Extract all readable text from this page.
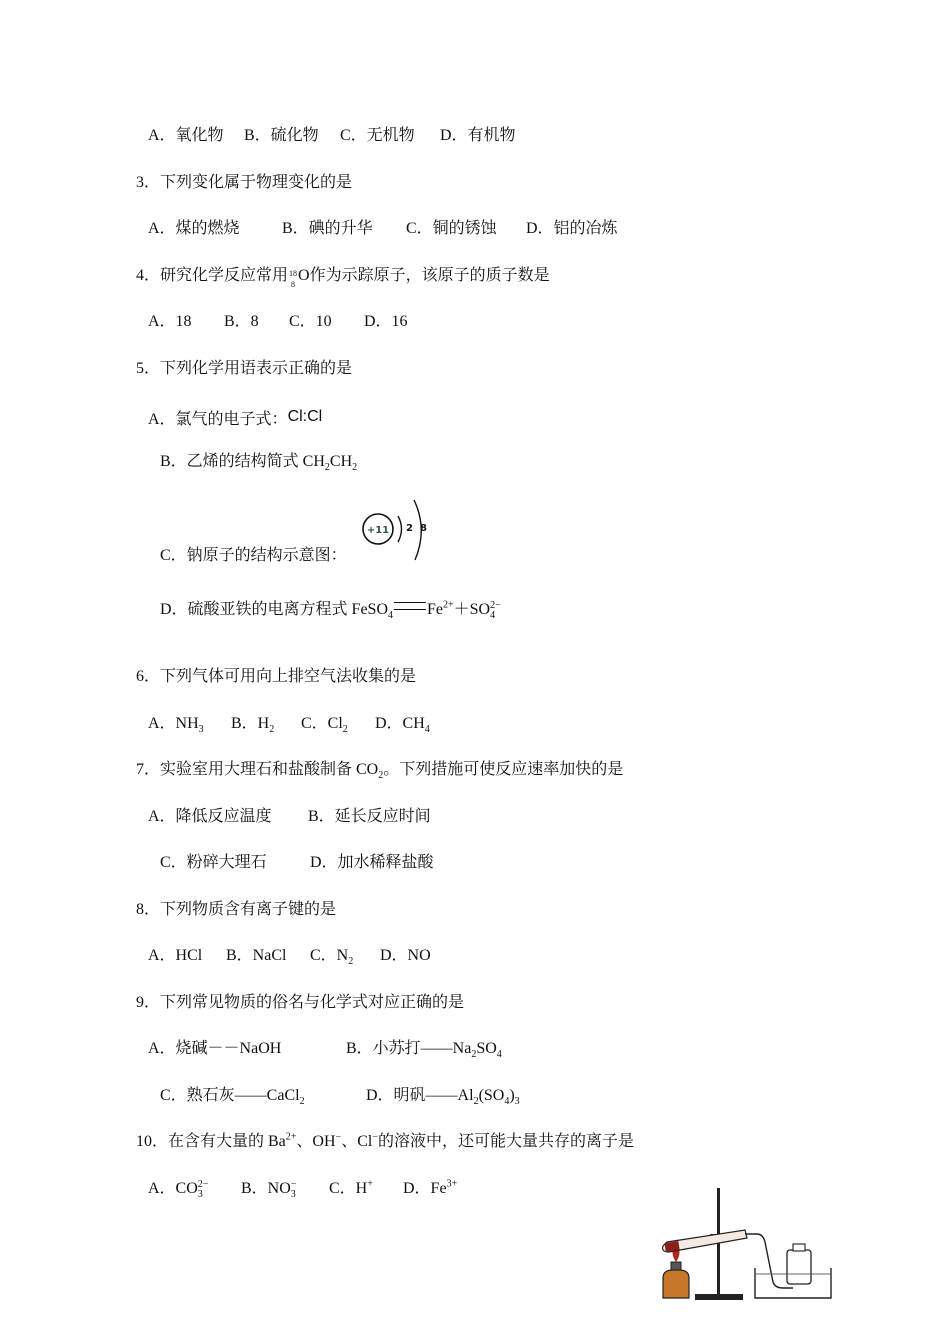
A．氧化物 B．硫化物 C．无机物 D．有机物
3．下列变化属于物理变化的是
A．煤的燃烧	B．碘的升华 C．铜的锈蚀 D．铝的冶炼
4．研究化学反应常用 18
8
O作为示踪原子，该原子的质子数是
A．18 B．8 C．10 D．16
5．下列化学用语表示正确的是
A．氯气的电子式：Cl:Cl
B．乙烯的结构简式 $CH_2CH_2$
C．钠原子的结构示意图：
+11 2 8
D．硫酸亚铁的电离方程式 FeSO$_4$ $Fe^{2+}+SO_4^{2-}$
6．下列气体可用向上排空气法收集的是
A．$NH_3$ B．$H_2$ C．$Cl_2$ D．$CH_4$
7．实验室用大理石和盐酸制备 $CO_2$。下列措施可使反应速率加快的是
A．降低反应温度 B．延长反应时间
C．粉碎大理石	D．加水稀释盐酸
8．下列物质含有离子键的是
A．HCl B．NaCl C．$N_2$ D．NO
9．下列常见物质的俗名与化学式对应正确的是
A．烧碱－－NaOH	B．小苏打$——Na_2SO_4$
C．熟石灰——CaCl$_2$	D．明矾$——Al_2(SO_4)_3$
10．在含有大量的 $Ba^{2+}$、OH−、Cl−的溶液中，还可能大量共存的离子是
A．$CO_3^{2-}$ B．$NO_3^-$ C．H+ D．$Fe^{3+}$
